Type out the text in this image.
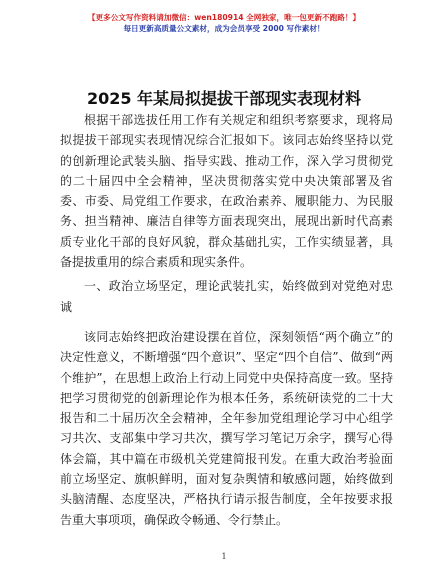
【更多公文写作资料请加微信：wen180914 全网独家，唯一包更新不跑路！】
每日更新高质量公文素材，成为会员享受 2000 写作素材！
2025 年某局拟提拔干部现实表现材料

根据干部选拔任用工作有关规定和组织考察要求，现将局拟提拔干部现实表现情况综合汇报如下。该同志始终坚持以党的创新理论武装头脑、指导实践、推动工作，深入学习贯彻党的二十届四中全会精神，坚决贯彻落实党中央决策部署及省委、市委、局党组工作要求，在政治素养、履职能力、为民服务、担当精神、廉洁自律等方面表现突出，展现出新时代高素质专业化干部的良好风貌，群众基础扎实，工作实绩显著，具备提拔重用的综合素质和现实条件。

一、政治立场坚定，理论武装扎实，始终做到对党绝对忠诚

该同志始终把政治建设摆在首位，深刻领悟“两个确立”的决定性意义，不断增强“四个意识”、坚定“四个自信”、做到“两个维护”，在思想上政治上行动上同党中央保持高度一致。坚持把学习贯彻党的创新理论作为根本任务，系统研读党的二十大报告和二十届历次全会精神，全年参加党组理论学习中心组学习共次、支部集中学习共次，撰写学习笔记万余字，撰写心得体会篇，其中篇在市级机关党建简报刊发。在重大政治考验面前立场坚定、旗帜鲜明，面对复杂舆情和敏感问题，始终做到头脑清醒、态度坚决，严格执行请示报告制度，全年按要求报告重大事项项，确保政令畅通、令行禁止。

1
